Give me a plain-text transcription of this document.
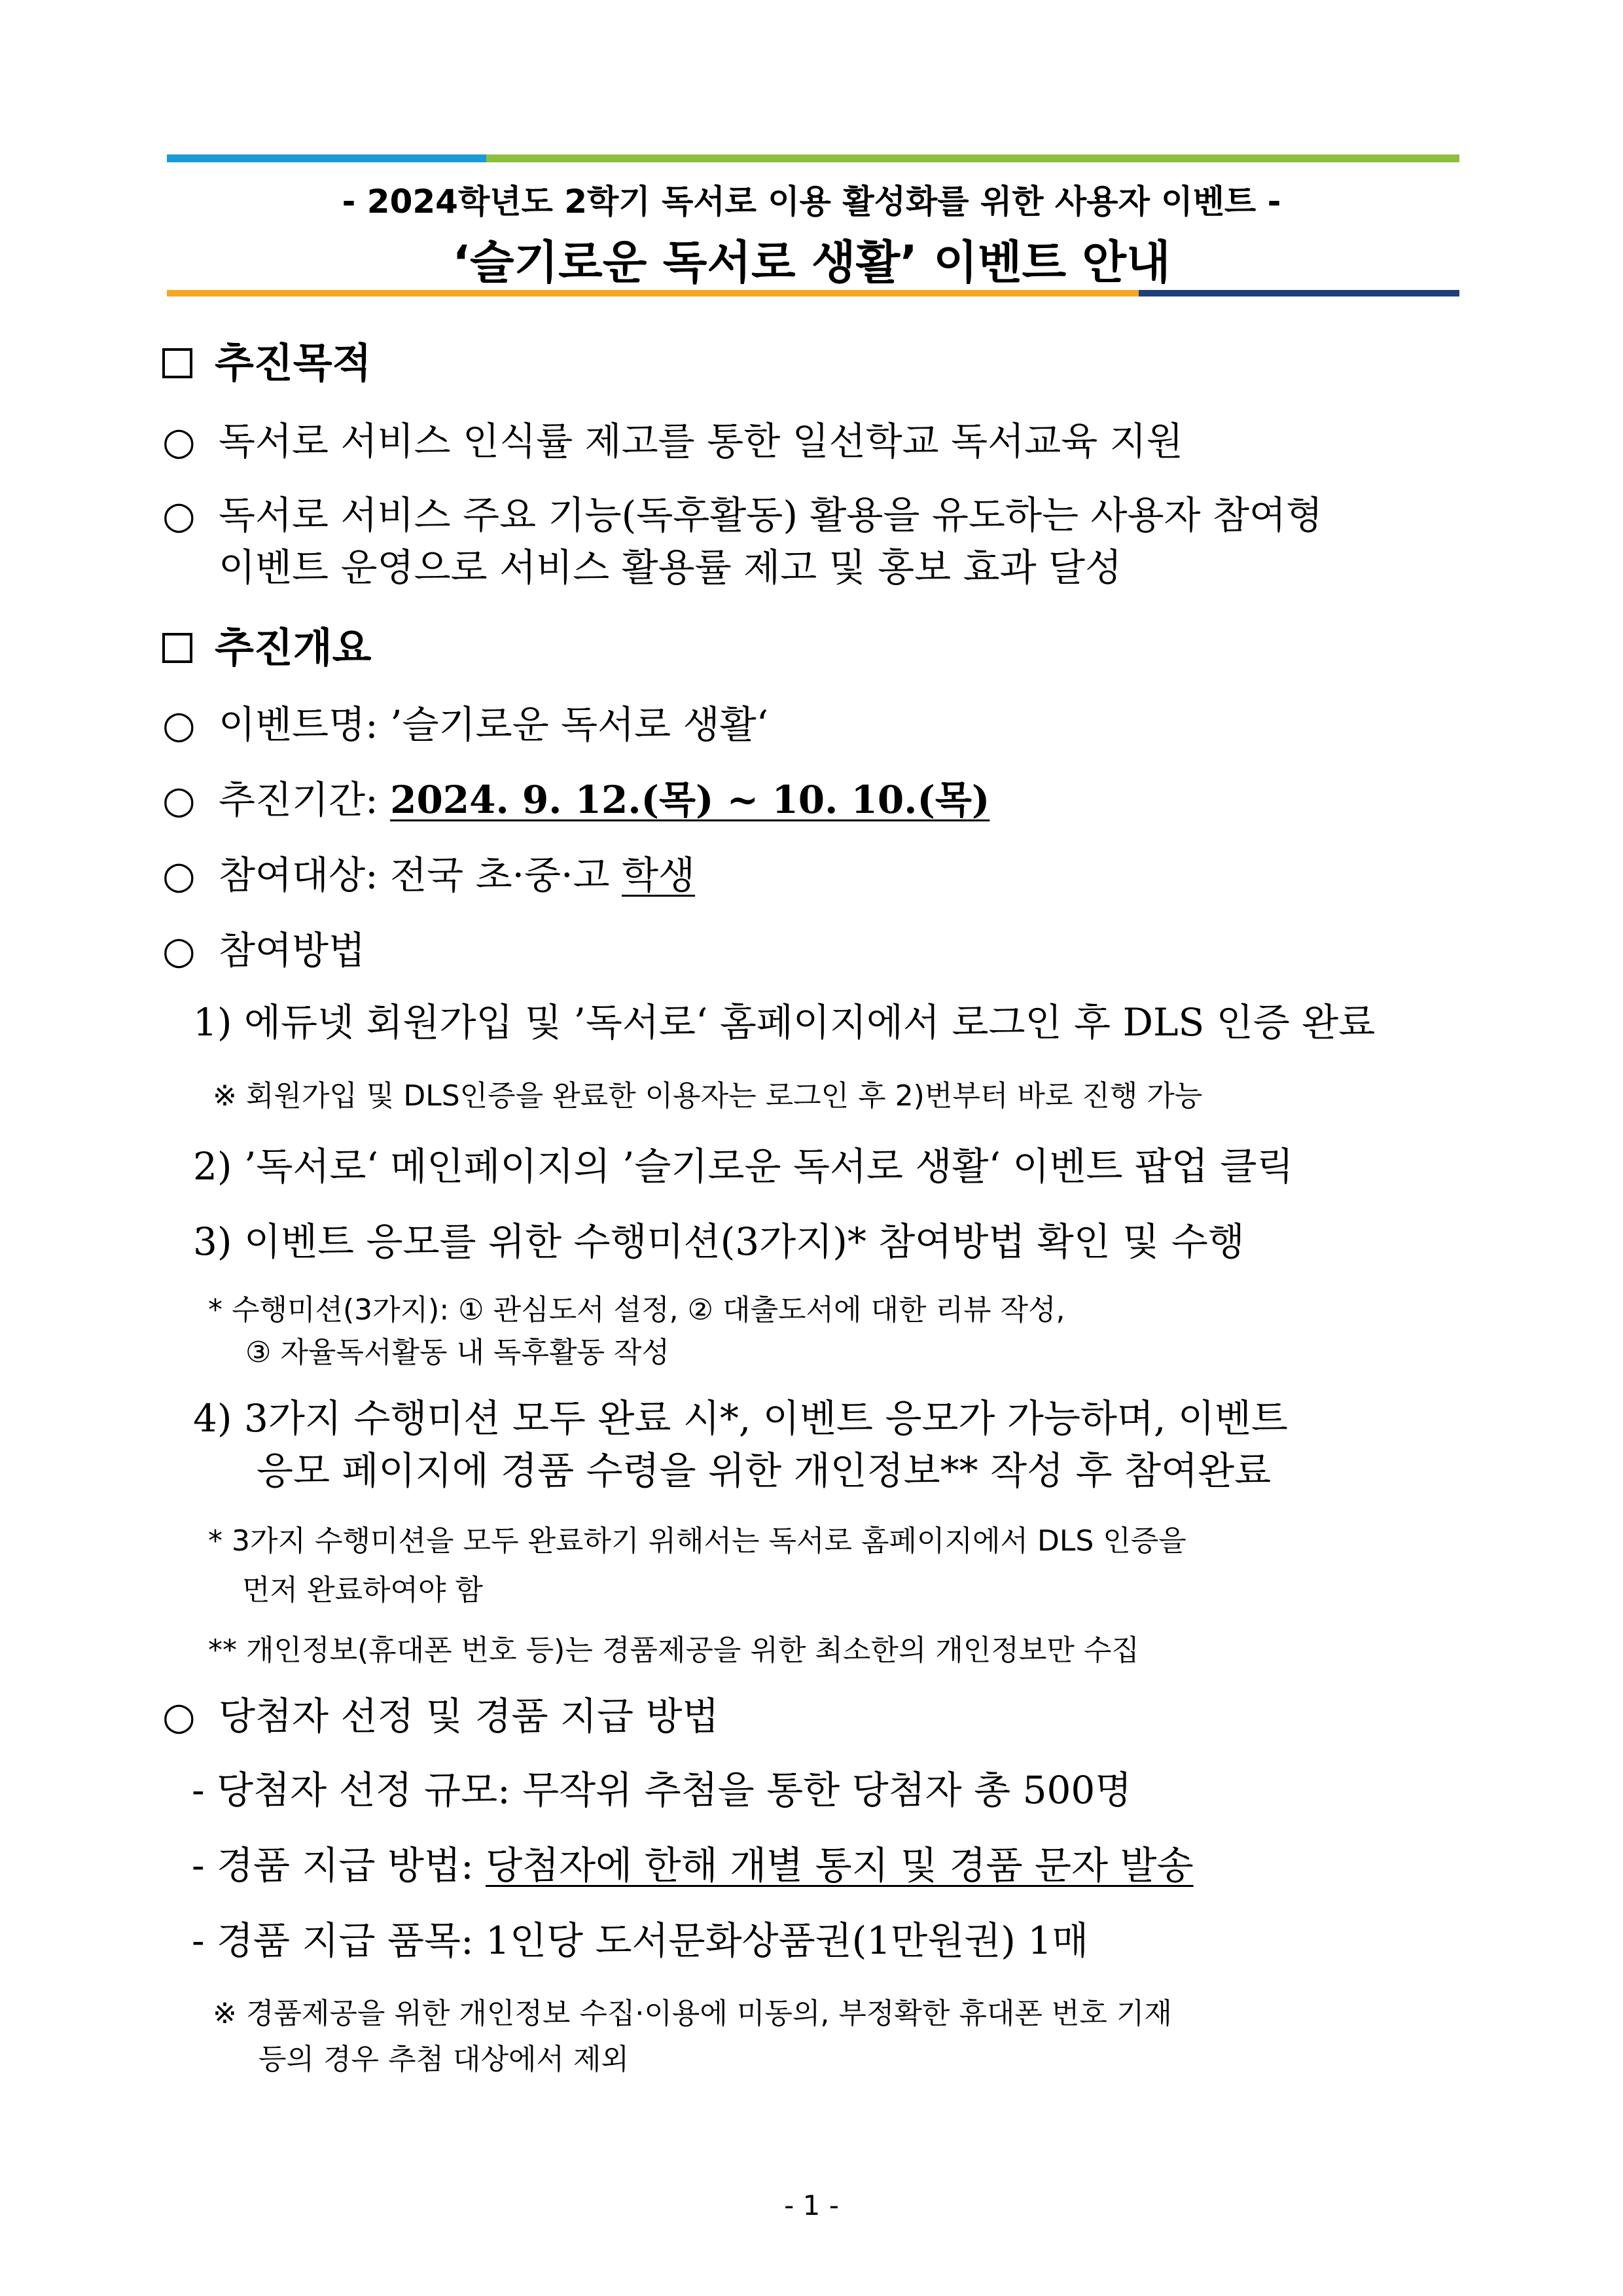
- 2024학년도 2학기 독서로 이용 활성화를 위한 사용자 이벤트 -
‘슬기로운 독서로 생활’ 이벤트 안내
추진목적
○ 독서로 서비스 인식률 제고를 통한 일선학교 독서교육 지원
○ 독서로 서비스 주요 기능(독후활동) 활용을 유도하는 사용자 참여형
이벤트 운영으로 서비스 활용률 제고 및 홍보 효과 달성
추진개요
○ 이벤트명: ’슬기로운 독서로 생활‘
○ 추진기간: 2024. 9. 12.(목) ~ 10. 10.(목)
○ 참여대상: 전국 초·중·고 학생
○ 참여방법
1) 에듀넷 회원가입 및 ’독서로‘ 홈페이지에서 로그인 후 DLS 인증 완료
※ 회원가입 및 DLS인증을 완료한 이용자는 로그인 후 2)번부터 바로 진행 가능
2) ’독서로‘ 메인페이지의 ’슬기로운 독서로 생활‘ 이벤트 팝업 클릭
3) 이벤트 응모를 위한 수행미션(3가지)* 참여방법 확인 및 수행
* 수행미션(3가지): ① 관심도서 설정, ② 대출도서에 대한 리뷰 작성,
③ 자율독서활동 내 독후활동 작성
4) 3가지 수행미션 모두 완료 시*, 이벤트 응모가 가능하며, 이벤트
응모 페이지에 경품 수령을 위한 개인정보** 작성 후 참여완료
* 3가지 수행미션을 모두 완료하기 위해서는 독서로 홈페이지에서 DLS 인증을
먼저 완료하여야 함
** 개인정보(휴대폰 번호 등)는 경품제공을 위한 최소한의 개인정보만 수집
○ 당첨자 선정 및 경품 지급 방법
- 당첨자 선정 규모: 무작위 추첨을 통한 당첨자 총 500명
- 경품 지급 방법: 당첨자에 한해 개별 통지 및 경품 문자 발송
- 경품 지급 품목: 1인당 도서문화상품권(1만원권) 1매
※ 경품제공을 위한 개인정보 수집·이용에 미동의, 부정확한 휴대폰 번호 기재
등의 경우 추첨 대상에서 제외
- 1 -
